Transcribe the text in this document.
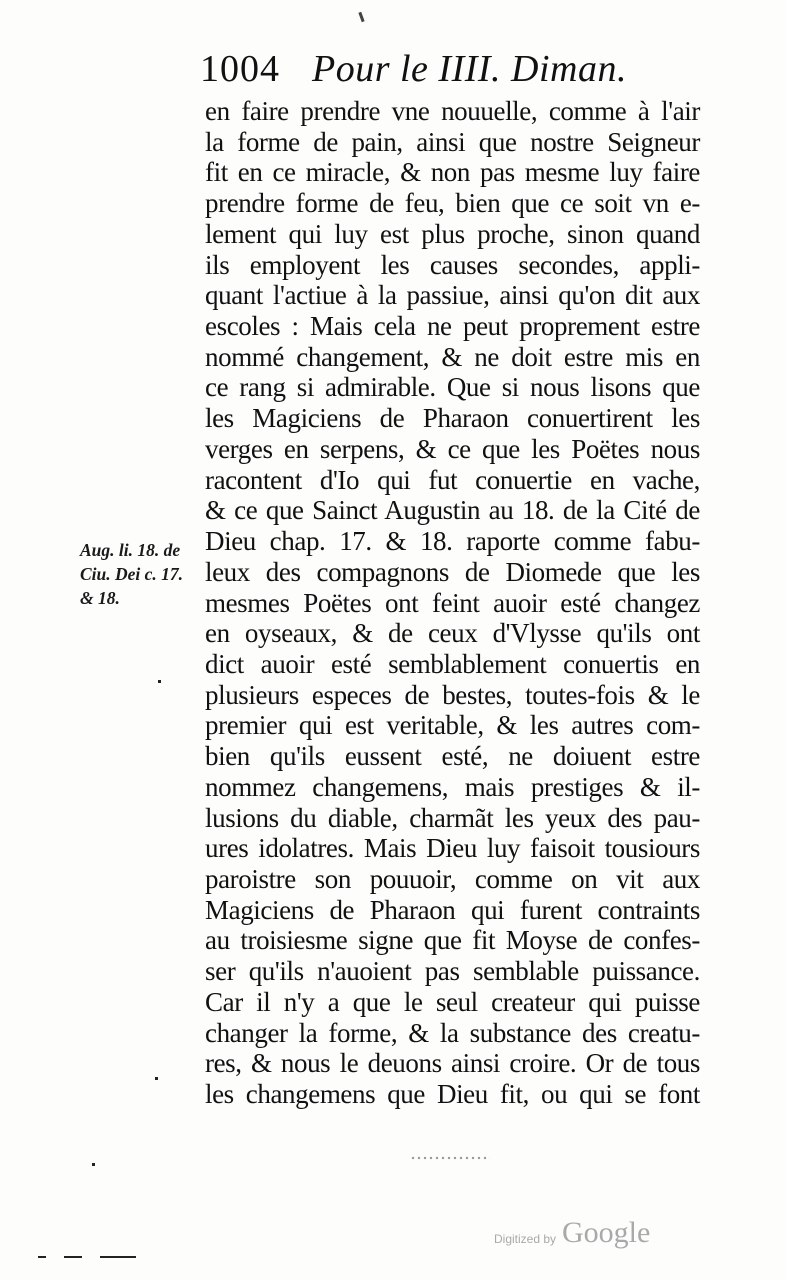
1004 Pour le IIII. Diman.
en faire prendre vne nouuelle, comme à l'air
la forme de pain, ainsi que nostre Seigneur
fit en ce miracle, & non pas mesme luy faire
prendre forme de feu, bien que ce soit vn e-
lement qui luy est plus proche, sinon quand
ils employent les causes secondes, appli-
quant l'actiue à la passiue, ainsi qu'on dit aux
escoles : Mais cela ne peut proprement estre
nommé changement, & ne doit estre mis en
ce rang si admirable. Que si nous lisons que
les Magiciens de Pharaon conuertirent les
verges en serpens, & ce que les Poëtes nous
racontent d'Io qui fut conuertie en vache,
& ce que Sainct Augustin au 18. de la Cité de
Dieu chap. 17. & 18. raporte comme fabu-
leux des compagnons de Diomede que les
mesmes Poëtes ont feint auoir esté changez
en oyseaux, & de ceux d'Vlysse qu'ils ont
dict auoir esté semblablement conuertis en
plusieurs especes de bestes, toutes-fois & le
premier qui est veritable, & les autres com-
bien qu'ils eussent esté, ne doiuent estre
nommez changemens, mais prestiges & il-
lusions du diable, charmãt les yeux des pau-
ures idolatres. Mais Dieu luy faisoit tousiours
paroistre son pouuoir, comme on vit aux
Magiciens de Pharaon qui furent contraints
au troisiesme signe que fit Moyse de confes-
ser qu'ils n'auoient pas semblable puissance.
Car il n'y a que le seul createur qui puisse
changer la forme, & la substance des creatu-
res, & nous le deuons ainsi croire. Or de tous
les changemens que Dieu fit, ou qui se font
Aug. li. 18. de
Ciu. Dei c. 17.
& 18.
Digitized by Google
